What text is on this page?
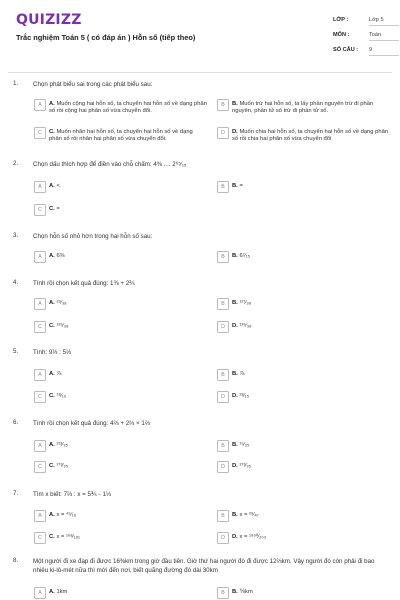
QUIZIZZ
Trắc nghiệm Toán 5 ( có đáp án ) Hỗn số (tiếp theo)
LỚP :	Lớp 5
MÔN :	Toán
SỐ CÂU :	9
1. Chọn phát biểu sai trong các phát biểu sau:
A	A. Muốn cộng hai hỗn số, ta chuyển hai hỗn số về dạng phân số rồi cộng hai phân số vừa chuyển đổi.
B	B. Muốn trừ hai hỗn số, ta lấy phần nguyên trừ đi phần nguyên, phần tử số trừ đi phần tử số.
C	C. Muốn nhân hai hỗn số, ta chuyển hai hỗn số về dạng phân số rồi nhân hai phân số vừa chuyển đổi.
D	D. Muốn chia hai hỗn số, ta chuyển hai hỗn số về dạng phân số rồi chia hai phân số vừa chuyển đổi
2. Chọn dấu thích hợp để điền vào chỗ chấm: 4⅜ .... 2⁶⁵⁄₁₅
A	A. <	B	B. =
C	C. =
3. Chọn hỗn số nhỏ hơn trong hai hỗn số sau:
A	A. 6⅜	B	B. 6⁷⁄₁₅
4. Tính rồi chọn kết quả đúng: 1⅜ + 2⅖
A	A. ²⁹⁄₃₈	B	B. ¹²⁷⁄₃₈
C	C. ¹²⁹⁄₃₈	D	D. ¹³⁹⁄₃₈
5. Tính: 9⅓ : 5⅓
A	A. ⅞	B	B. ⅞
C	C. ¹⁸⁄₁₉	D	D. ²⁸⁄₁₅
6. Tính rồi chọn kết quả đúng: 4⅔ + 2⅔ × 1⅔
A	A. ²¹³⁄₃₅	B	B. ¹⁵⁄₂₅
C	C. ²⁷³⁄₃₅	D	D. ²⁷³⁄₃₅
7. Tìm x biết: 7⅔ : x = 5⅗ - 1⅓
A	A. x = ⁴⁵⁄₁₆	B	B. x = ²⁹⁄₄₇
C	C. x = ¹⁶⁸⁄₁₈₁	D	D. x = ¹⁹⁹⁰⁄₂₀₃
8. Một người đi xe đạp đi được 16⅜km trong giờ đầu tiên. Giờ thứ hai người đó đi được 12⅔km. Vậy người đó còn phải đi bao nhiêu ki-lô-mét nữa thì mới đến nơi, biết quãng đường đó dài 30km
A	A. 1km	B	B. ⅚km
